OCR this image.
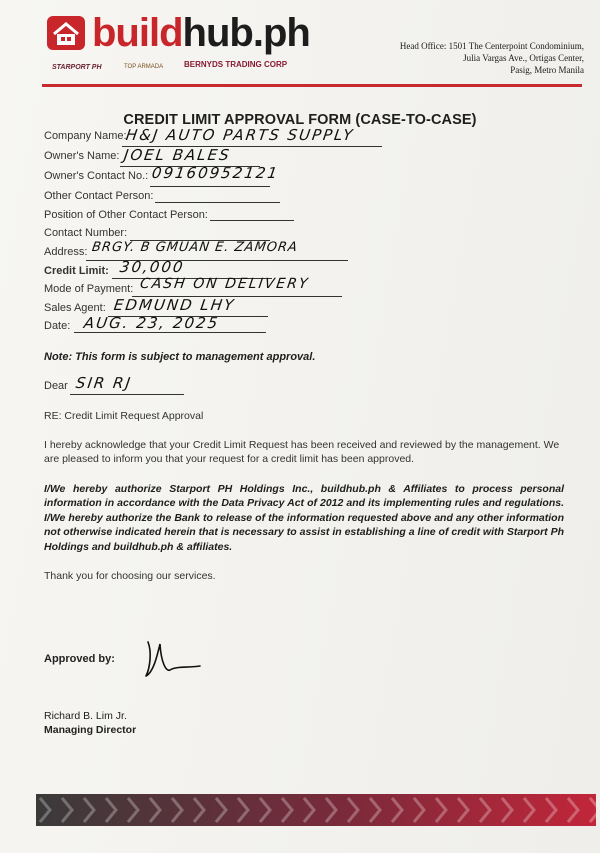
buildhub.ph
STARPORT PH	TOP ARMADA	BERNYDS TRADING CORP
Head Office: 1501 The Centerpoint Condominium,
Julia Vargas Ave., Ortigas Center,
Pasig, Metro Manila
CREDIT LIMIT APPROVAL FORM (CASE-TO-CASE)
Company Name:
H&J AUTO PARTS SUPPLY
Owner's Name: JOEL BALES
Owner's Contact No.: 09160952121
Other Contact Person:
Position of Other Contact Person:
Contact Number:
Address: BRGY. B GMUAN E. ZAMORA
Credit Limit: 30,000
Mode of Payment: CASH ON DELIVERY
Sales Agent: EDMUND LHY
Date: AUG. 23, 2025
Note: This form is subject to management approval.
Dear SIR RJ
RE: Credit Limit Request Approval
I hereby acknowledge that your Credit Limit Request has been received and reviewed by the management. We are pleased to inform you that your request for a credit limit has been approved.
I/We hereby authorize Starport PH Holdings Inc., buildhub.ph & Affiliates to process personal information in accordance with the Data Privacy Act of 2012 and its implementing rules and regulations. I/We hereby authorize the Bank to release of the information requested above and any other information not otherwise indicated herein that is necessary to assist in establishing a line of credit with Starport Ph Holdings and buildhub.ph & affiliates.
Thank you for choosing our services.
Approved by:
Richard B. Lim Jr.
Managing Director
